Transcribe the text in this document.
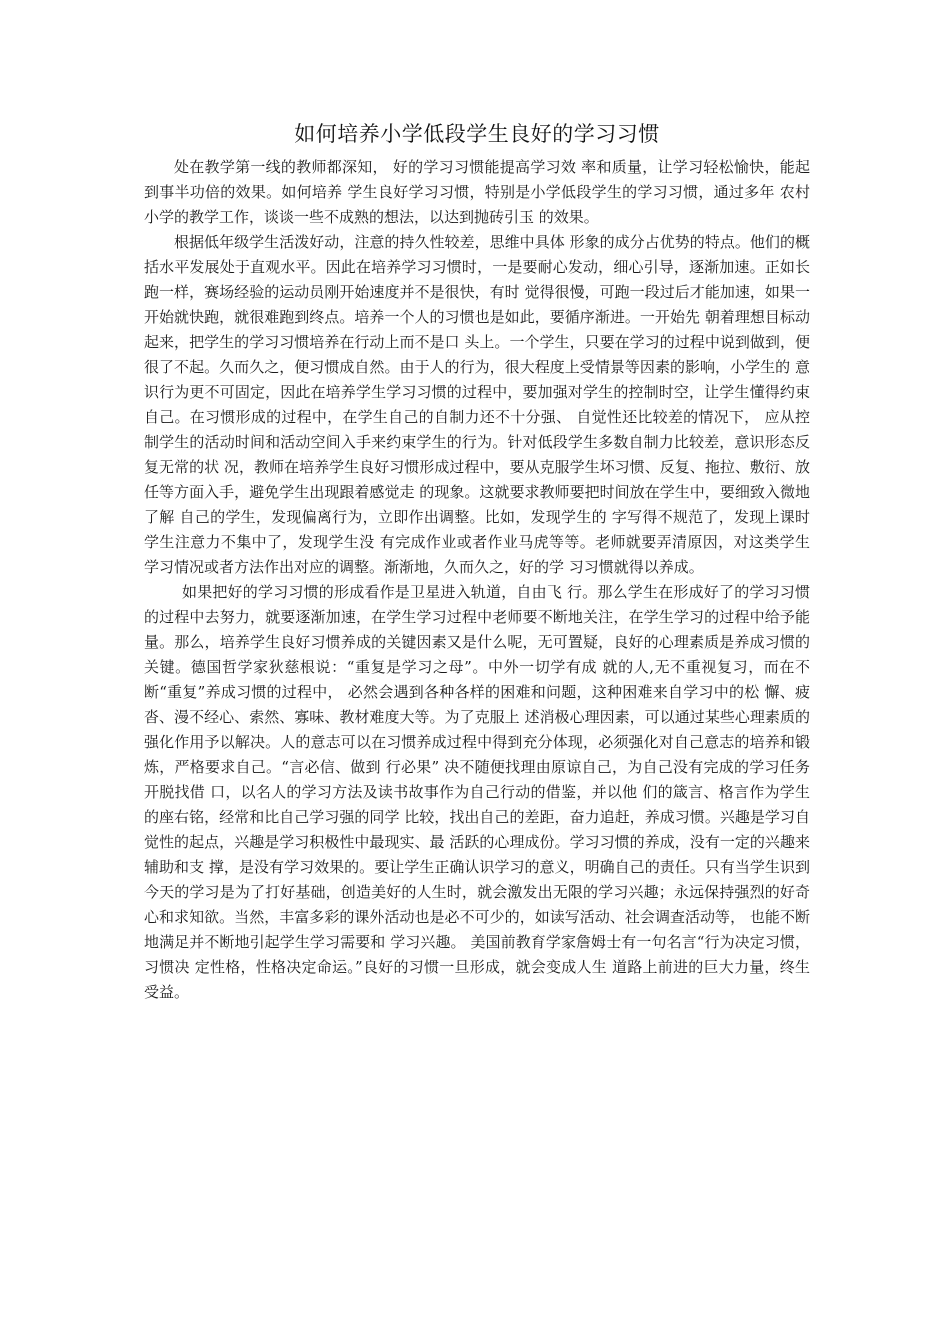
如何培养小学低段学生良好的学习习惯

处在教学第一线的教师都深知， 好的学习习惯能提高学习效 率和质量，让学习轻松愉快，能起到事半功倍的效果。如何培养 学生良好学习习惯，特别是小学低段学生的学习习惯，通过多年 农村小学的教学工作，谈谈一些不成熟的想法，以达到抛砖引玉 的效果。

根据低年级学生活泼好动，注意的持久性较差，思维中具体 形象的成分占优势的特点。他们的概括水平发展处于直观水平。因此在培养学习习惯时，一是要耐心发动，细心引导，逐渐加速。正如长跑一样，赛场经验的运动员刚开始速度并不是很快，有时 觉得很慢，可跑一段过后才能加速，如果一开始就快跑，就很难跑到终点。培养一个人的习惯也是如此，要循序渐进。一开始先 朝着理想目标动起来，把学生的学习习惯培养在行动上而不是口 头上。一个学生，只要在学习的过程中说到做到，便很了不起。久而久之，便习惯成自然。由于人的行为，很大程度上受情景等因素的影响，小学生的 意识行为更不可固定，因此在培养学生学习习惯的过程中，要加强对学生的控制时空，让学生懂得约束自己。在习惯形成的过程中，在学生自己的自制力还不十分强、 自觉性还比较差的情况下， 应从控制学生的活动时间和活动空间入手来约束学生的行为。针对低段学生多数自制力比较差，意识形态反复无常的状 况，教师在培养学生良好习惯形成过程中，要从克服学生坏习惯、反复、拖拉、敷衍、放任等方面入手，避免学生出现跟着感觉走 的现象。这就要求教师要把时间放在学生中，要细致入微地了解 自己的学生，发现偏离行为，立即作出调整。比如，发现学生的 字写得不规范了，发现上课时学生注意力不集中了，发现学生没 有完成作业或者作业马虎等等。老师就要弄清原因，对这类学生 学习情况或者方法作出对应的调整。渐渐地，久而久之，好的学 习习惯就得以养成。

如果把好的学习习惯的形成看作是卫星进入轨道，自由飞 行。那么学生在形成好了的学习习惯的过程中去努力，就要逐渐加速，在学生学习过程中老师要不断地关注，在学生学习的过程中给予能量。那么，培养学生良好习惯养成的关键因素又是什么呢，无可置疑，良好的心理素质是养成习惯的关键。德国哲学家狄慈根说：“重复是学习之母”。中外一切学有成 就的人,无不重视复习，而在不断“重复”养成习惯的过程中， 必然会遇到各种各样的困难和问题，这种困难来自学习中的松 懈、疲沓、漫不经心、索然、寡味、教材难度大等。为了克服上 述消极心理因素，可以通过某些心理素质的强化作用予以解决。人的意志可以在习惯养成过程中得到充分体现，必须强化对自己意志的培养和锻炼，严格要求自己。“言必信、做到 行必果” 决不随便找理由原谅自己，为自己没有完成的学习任务开脱找借 口，以名人的学习方法及读书故事作为自己行动的借鉴，并以他 们的箴言、格言作为学生的座右铭，经常和比自己学习强的同学 比较，找出自己的差距，奋力追赶，养成习惯。兴趣是学习自觉性的起点，兴趣是学习积极性中最现实、最 活跃的心理成份。学习习惯的养成，没有一定的兴趣来辅助和支 撑，是没有学习效果的。要让学生正确认识学习的意义，明确自己的责任。只有当学生识到今天的学习是为了打好基础，创造美好的人生时，就会激发出无限的学习兴趣；永远保持强烈的好奇 心和求知欲。当然，丰富多彩的课外活动也是必不可少的，如读写活动、社会调查活动等， 也能不断地满足并不断地引起学生学习需要和 学习兴趣。 美国前教育学家詹姆士有一句名言“行为决定习惯，习惯决 定性格，性格决定命运。”良好的习惯一旦形成，就会变成人生 道路上前进的巨大力量，终生受益。
